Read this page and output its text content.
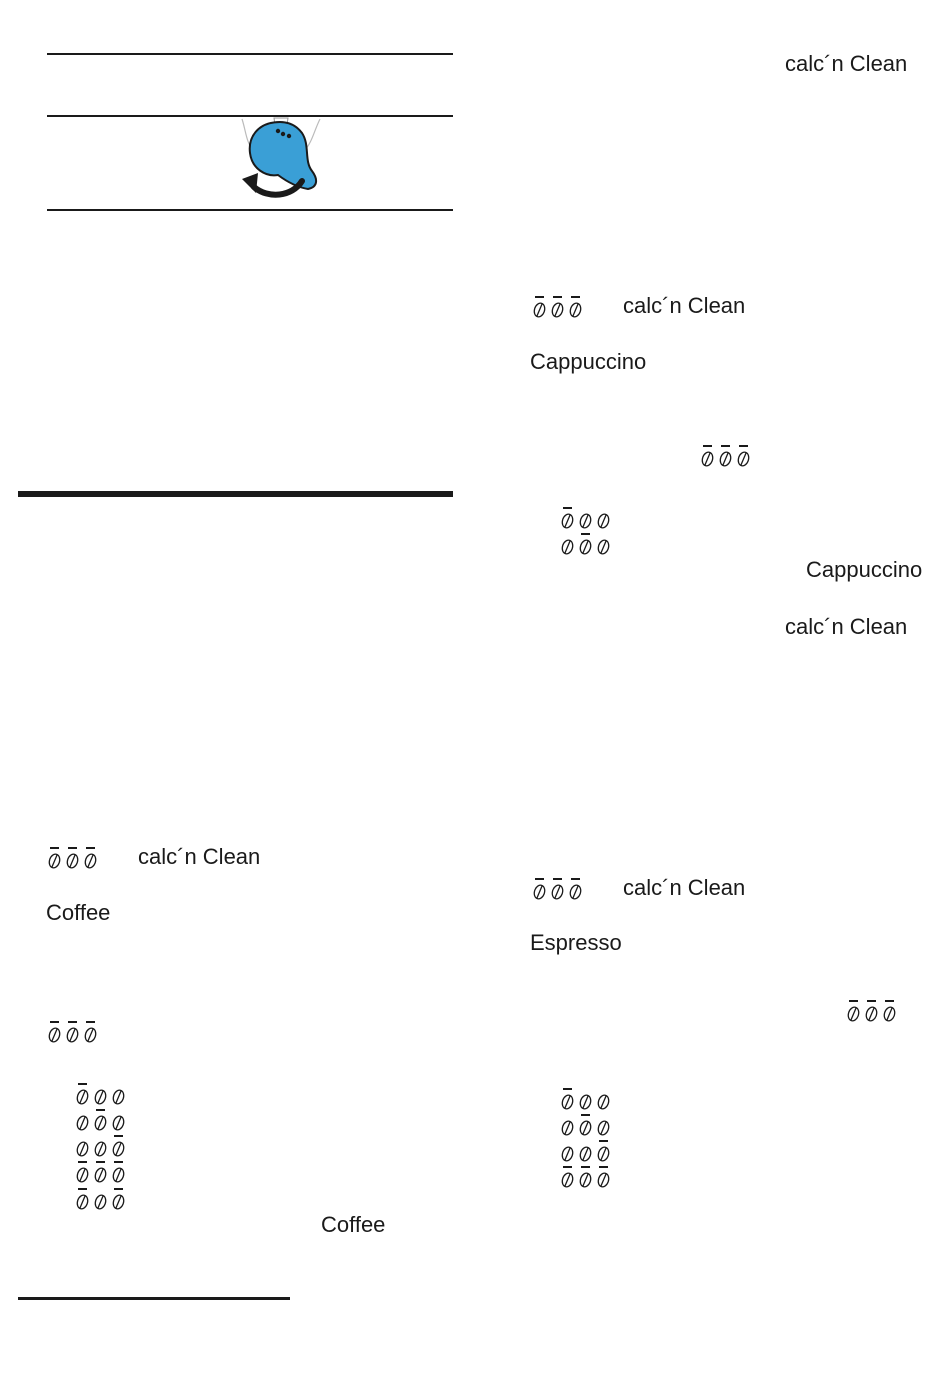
calc´n Clean
Coffee
Coffee
calc´n Clean
calc´n Clean
Cappuccino
Cappuccino
calc´n Clean
calc´n Clean
Espresso
